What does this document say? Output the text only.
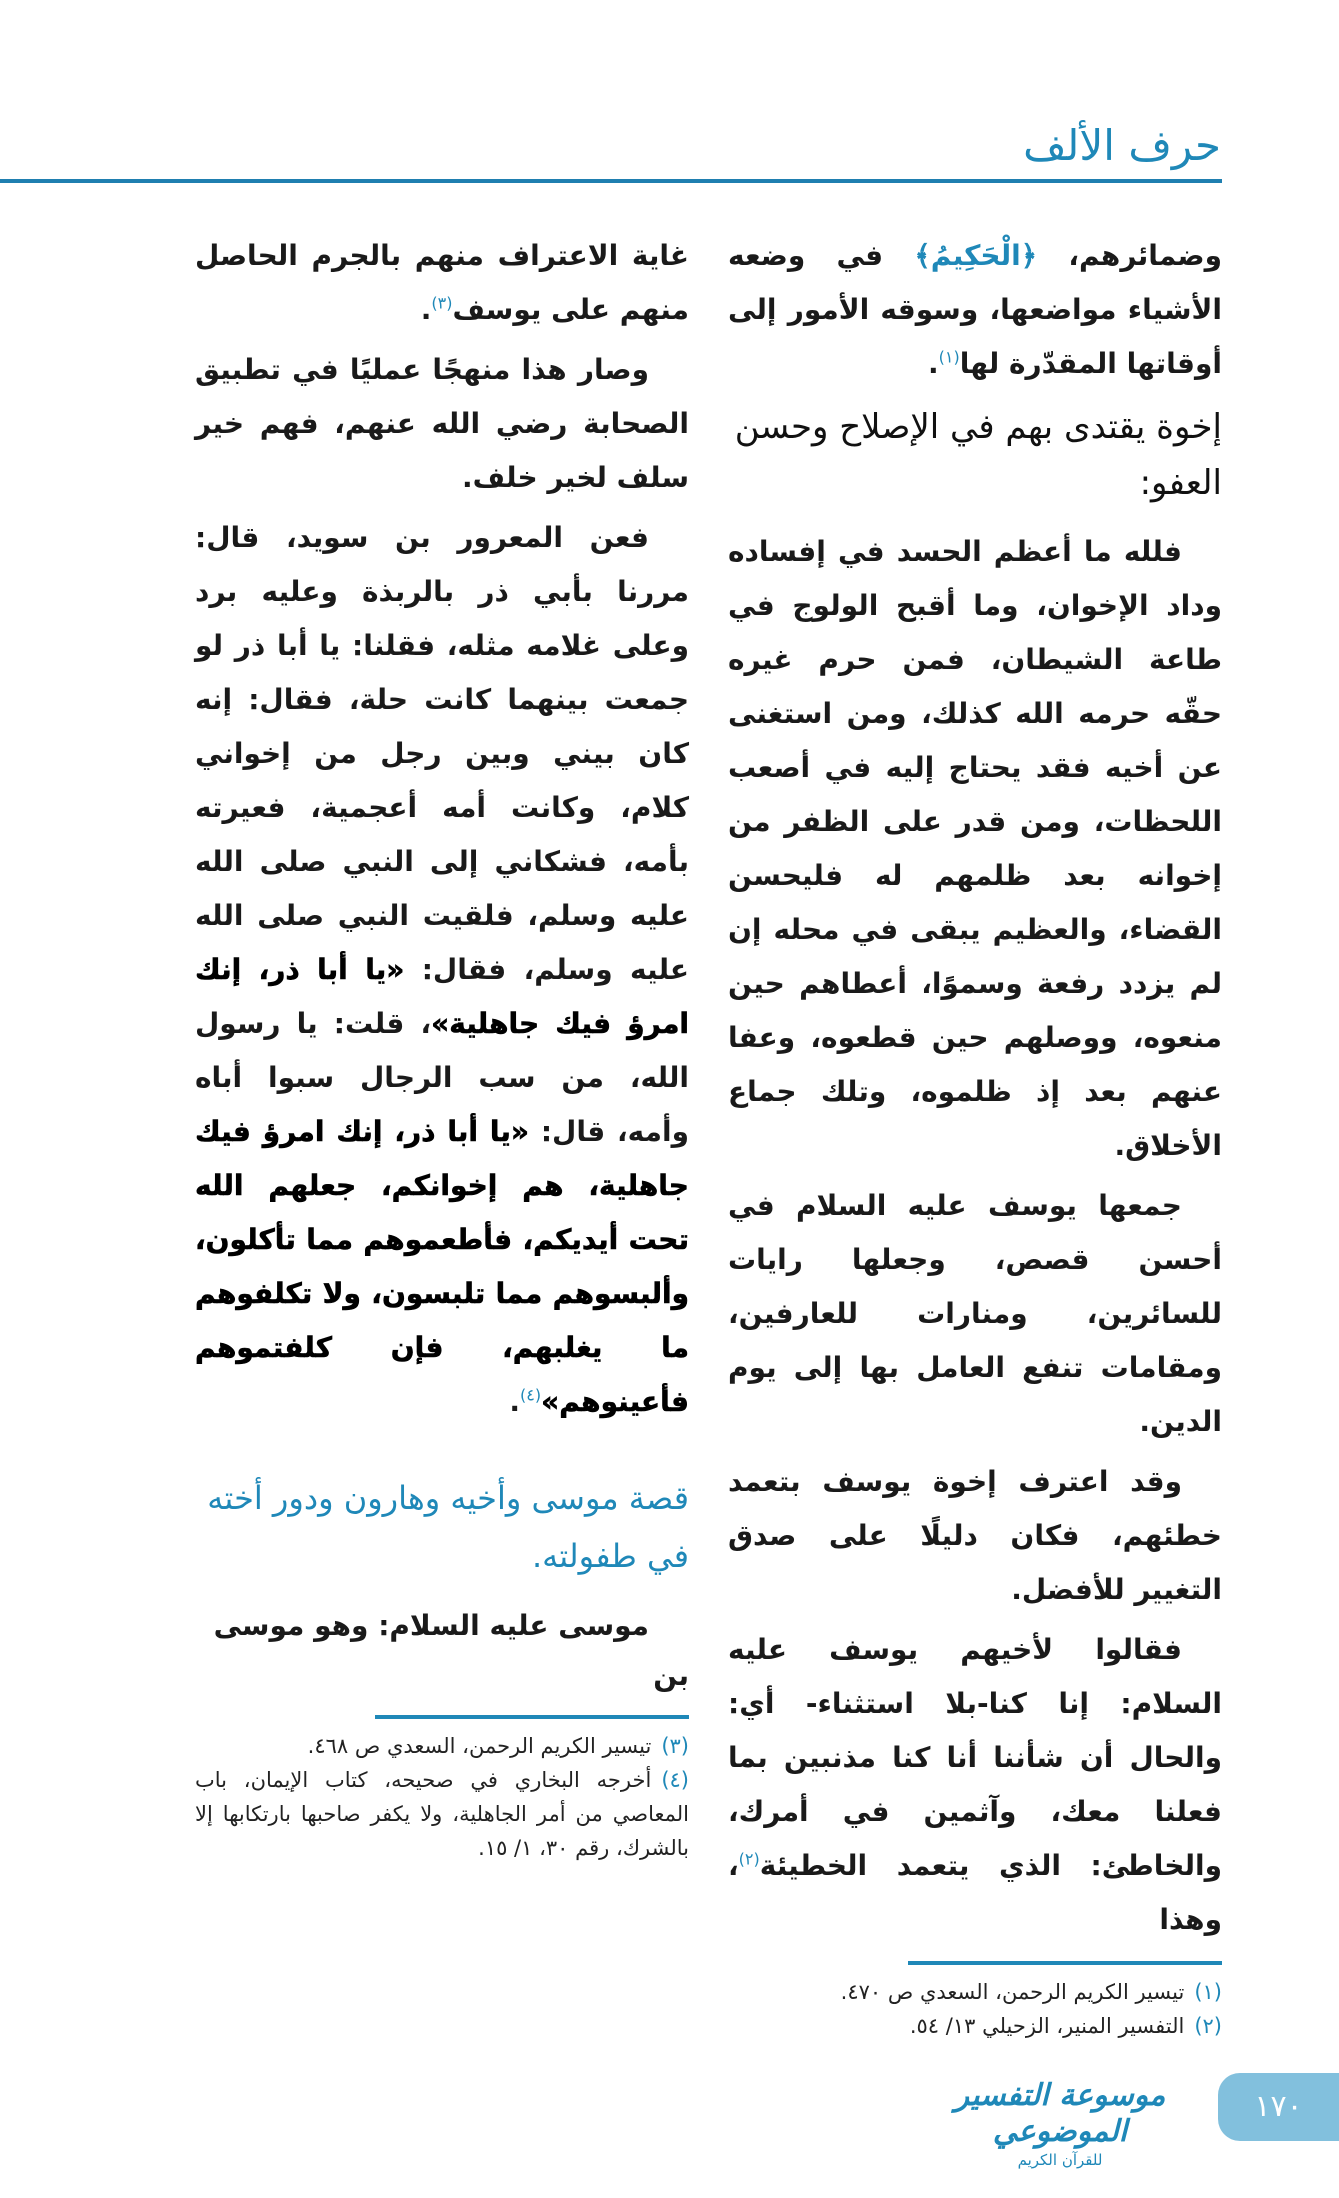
حرف الألف

وضمائرهم، ﴿الْحَكِيمُ﴾ في وضعه الأشياء مواضعها، وسوقه الأمور إلى أوقاتها المقدّرة لها$^{(١)}$.

إخوة يقتدى بهم في الإصلاح وحسن العفو:

فلله ما أعظم الحسد في إفساده وداد الإخوان، وما أقبح الولوج في طاعة الشيطان، فمن حرم غيره حقّه حرمه الله كذلك، ومن استغنى عن أخيه فقد يحتاج إليه في أصعب اللحظات، ومن قدر على الظفر من إخوانه بعد ظلمهم له فليحسن القضاء، والعظيم يبقى في محله إن لم يزدد رفعة وسموًا، أعطاهم حين منعوه، ووصلهم حين قطعوه، وعفا عنهم بعد إذ ظلموه، وتلك جماع الأخلاق.

جمعها يوسف عليه السلام في أحسن قصص، وجعلها رايات للسائرين، ومنارات للعارفين، ومقامات تنفع العامل بها إلى يوم الدين.

وقد اعترف إخوة يوسف بتعمد خطئهم، فكان دليلًا على صدق التغيير للأفضل.

فقالوا لأخيهم يوسف عليه السلام: إنا كنا-بلا استثناء- أي: والحال أن شأننا أنا كنا مذنبين بما فعلنا معك، وآثمين في أمرك، والخاطئ: الذي يتعمد الخطيئة$^{(٢)}$، وهذا

(١)تيسير الكريم الرحمن، السعدي ص ٤٧٠.
(٢)التفسير المنير، الزحيلي ١٣/ ٥٤.

غاية الاعتراف منهم بالجرم الحاصل منهم على يوسف$^{(٣)}$.

وصار هذا منهجًا عمليًا في تطبيق الصحابة رضي الله عنهم، فهم خير سلف لخير خلف.

فعن المعرور بن سويد، قال: مررنا بأبي ذر بالربذة وعليه برد وعلى غلامه مثله، فقلنا: يا أبا ذر لو جمعت بينهما كانت حلة، فقال: إنه كان بيني وبين رجل من إخواني كلام، وكانت أمه أعجمية، فعيرته بأمه، فشكاني إلى النبي صلى الله عليه وسلم، فلقيت النبي صلى الله عليه وسلم، فقال: «يا أبا ذر، إنك امرؤ فيك جاهلية»، قلت: يا رسول الله، من سب الرجال سبوا أباه وأمه، قال: «يا أبا ذر، إنك امرؤ فيك جاهلية، هم إخوانكم، جعلهم الله تحت أيديكم، فأطعموهم مما تأكلون، وألبسوهم مما تلبسون، ولا تكلفوهم ما يغلبهم، فإن كلفتموهم فأعينوهم»$^{(٤)}$.

قصة موسى وأخيه وهارون ودور أخته في طفولته.
موسى عليه السلام: وهو موسى بن
(٣)تيسير الكريم الرحمن، السعدي ص ٤٦٨.
(٤)أخرجه البخاري في صحيحه، كتاب الإيمان، باب المعاصي من أمر الجاهلية، ولا يكفر صاحبها بارتكابها إلا بالشرك، رقم ٣٠، ١/ ١٥.
موسوعة التفسير الموضوعي
للقرآن الكريم
١٧٠
